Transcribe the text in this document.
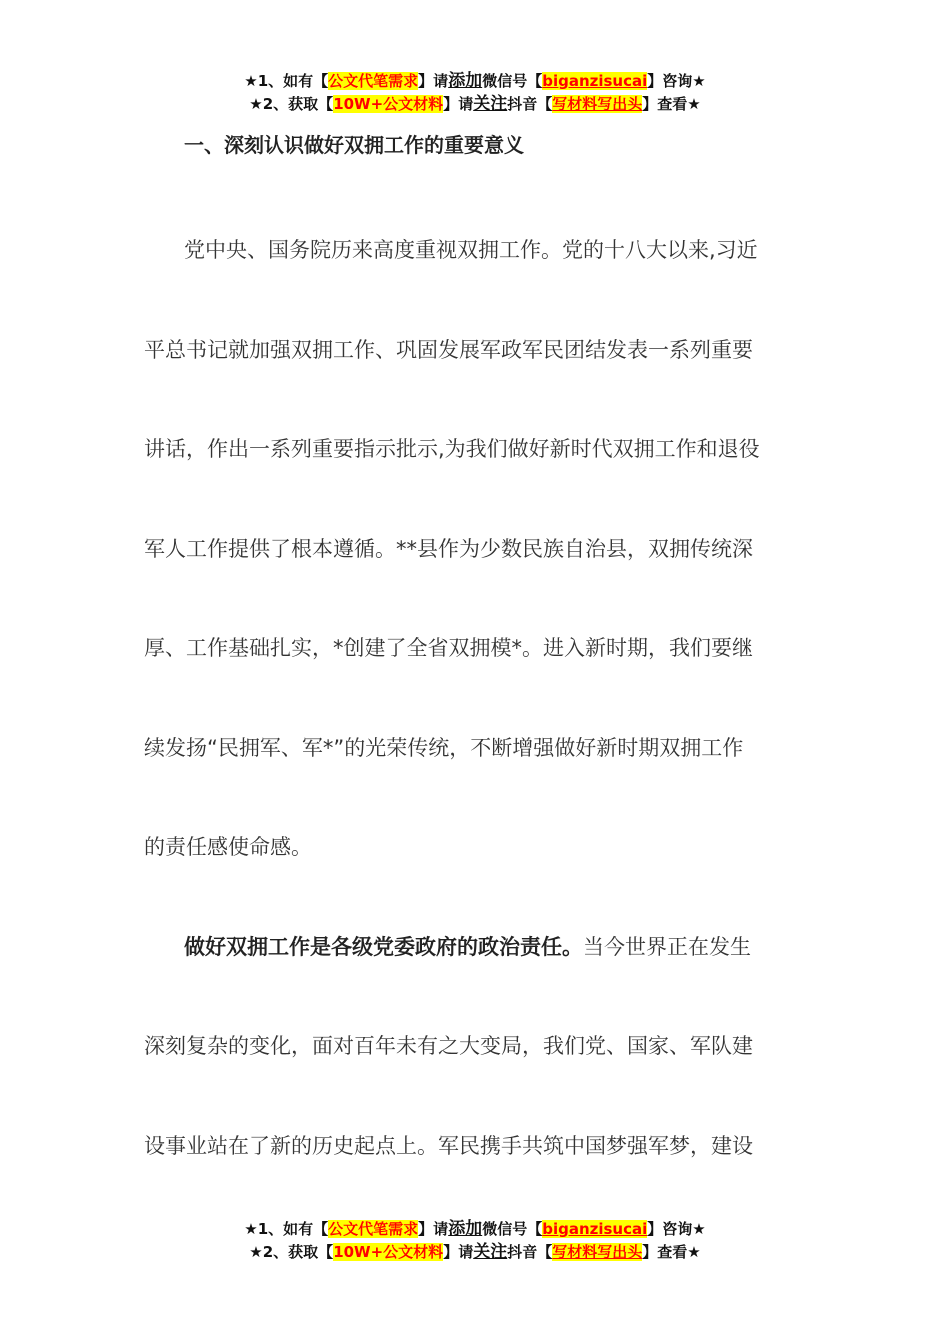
★1、如有【公文代笔需求】请添加微信号【biganzisucai】咨询★
★2、获取【10W+公文材料】请关注抖音【写材料写出头】查看★

一、深刻认识做好双拥工作的重要意义

党中央、国务院历来高度重视双拥工作。党的十八大以来,习近
平总书记就加强双拥工作、巩固发展军政军民团结发表一系列重要
讲话，作出一系列重要指示批示,为我们做好新时代双拥工作和退役
军人工作提供了根本遵循。**县作为少数民族自治县，双拥传统深
厚、工作基础扎实，*创建了全省双拥模*。进入新时期，我们要继
续发扬“民拥军、军*”的光荣传统，不断增强做好新时期双拥工作
的责任感使命感。

做好双拥工作是各级党委政府的政治责任。当今世界正在发生
深刻复杂的变化，面对百年未有之大变局，我们党、国家、军队建
设事业站在了新的历史起点上。军民携手共筑中国梦强军梦，建设

★1、如有【公文代笔需求】请添加微信号【biganzisucai】咨询★
★2、获取【10W+公文材料】请关注抖音【写材料写出头】查看★
